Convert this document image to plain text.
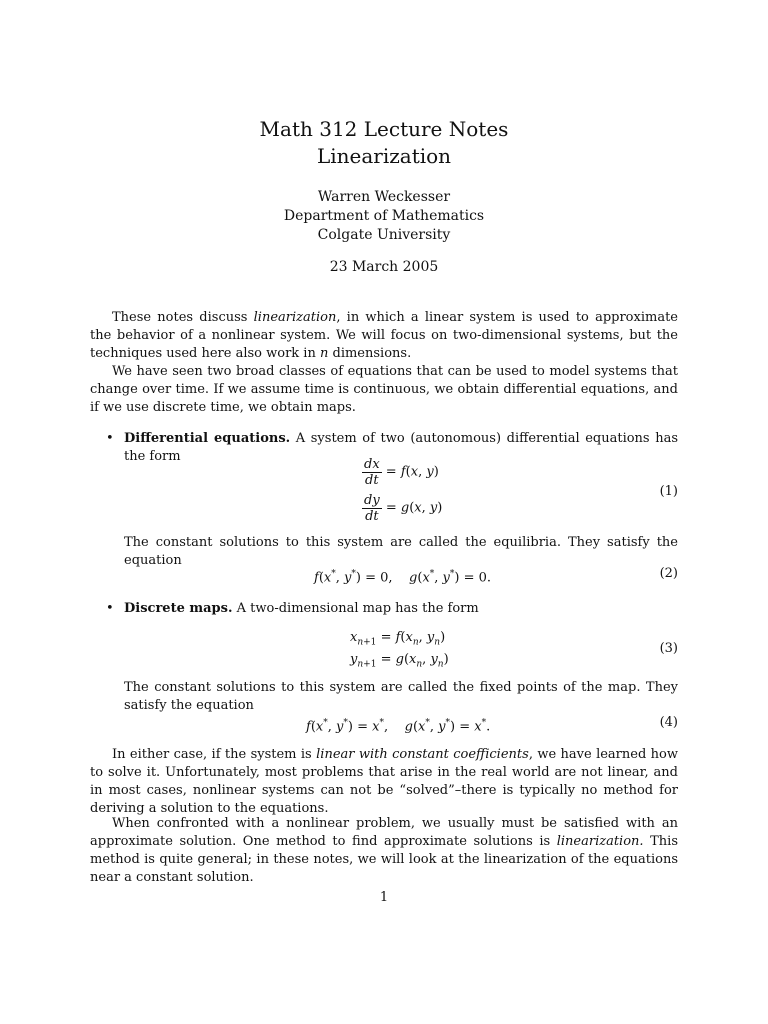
Math 312 Lecture Notes
Linearization
Warren Weckesser
Department of Mathematics
Colgate University
23 March 2005

These notes discuss linearization, in which a linear system is used to approximate the behavior of a nonlinear system. We will focus on two-dimensional systems, but the techniques used here also work in n dimensions.

We have seen two broad classes of equations that can be used to model systems that change over time. If we assume time is continuous, we obtain differential equations, and if we use discrete time, we obtain maps.

• Differential equations. A system of two (autonomous) differential equations has the form
$\frac{dx}{dt} = f(x$, y)
$\frac{dy}{dt} = g(x$, y)
(1)

The constant solutions to this system are called the equilibria. They satisfy the equation

f(x*, y*) = 0,    g(x*, y*) = 0.	(2)
• Discrete maps. A two-dimensional map has the form
$x_{n+1} = f(x_n$, $y_n$)
$y_{n+1} = g(x_n$, $y_n$)
(3)

The constant solutions to this system are called the fixed points of the map. They satisfy the equation

f(x*, y*) = x*,    g(x*, y*) = x*.	(4)

In either case, if the system is linear with constant coefficients, we have learned how to solve it. Unfortunately, most problems that arise in the real world are not linear, and in most cases, nonlinear systems can not be “solved”–there is typically no method for deriving a solution to the equations.

When confronted with a nonlinear problem, we usually must be satisfied with an approximate solution. One method to find approximate solutions is linearization. This method is quite general; in these notes, we will look at the linearization of the equations near a constant solution.

1
